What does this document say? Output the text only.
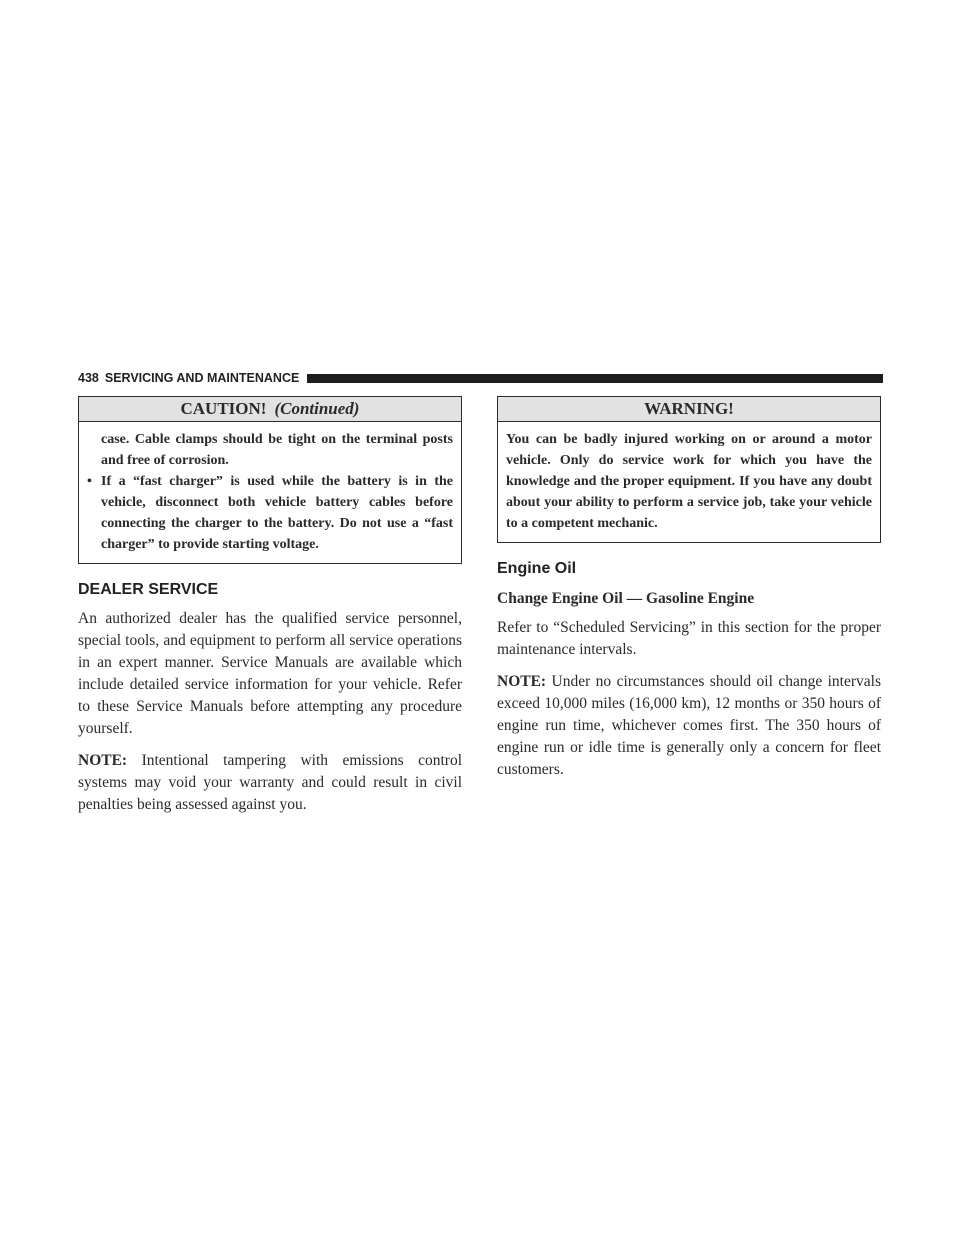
438 SERVICING AND MAINTENANCE
CAUTION! (Continued)

case. Cable clamps should be tight on the terminal posts and free of corrosion.

• If a “fast charger” is used while the battery is in the vehicle, disconnect both vehicle battery cables before connecting the charger to the battery. Do not use a “fast charger” to provide starting voltage.
DEALER SERVICE

An authorized dealer has the qualified service personnel, special tools, and equipment to perform all service operations in an expert manner. Service Manuals are available which include detailed service information for your vehicle. Refer to these Service Manuals before attempting any procedure yourself.

NOTE: Intentional tampering with emissions control systems may void your warranty and could result in civil penalties being assessed against you.

WARNING!

You can be badly injured working on or around a motor vehicle. Only do service work for which you have the knowledge and the proper equipment. If you have any doubt about your ability to perform a service job, take your vehicle to a competent mechanic.

Engine Oil
Change Engine Oil — Gasoline Engine

Refer to “Scheduled Servicing” in this section for the proper maintenance intervals.

NOTE: Under no circumstances should oil change intervals exceed 10,000 miles (16,000 km), 12 months or 350 hours of engine run time, whichever comes first. The 350 hours of engine run or idle time is generally only a concern for fleet customers.
